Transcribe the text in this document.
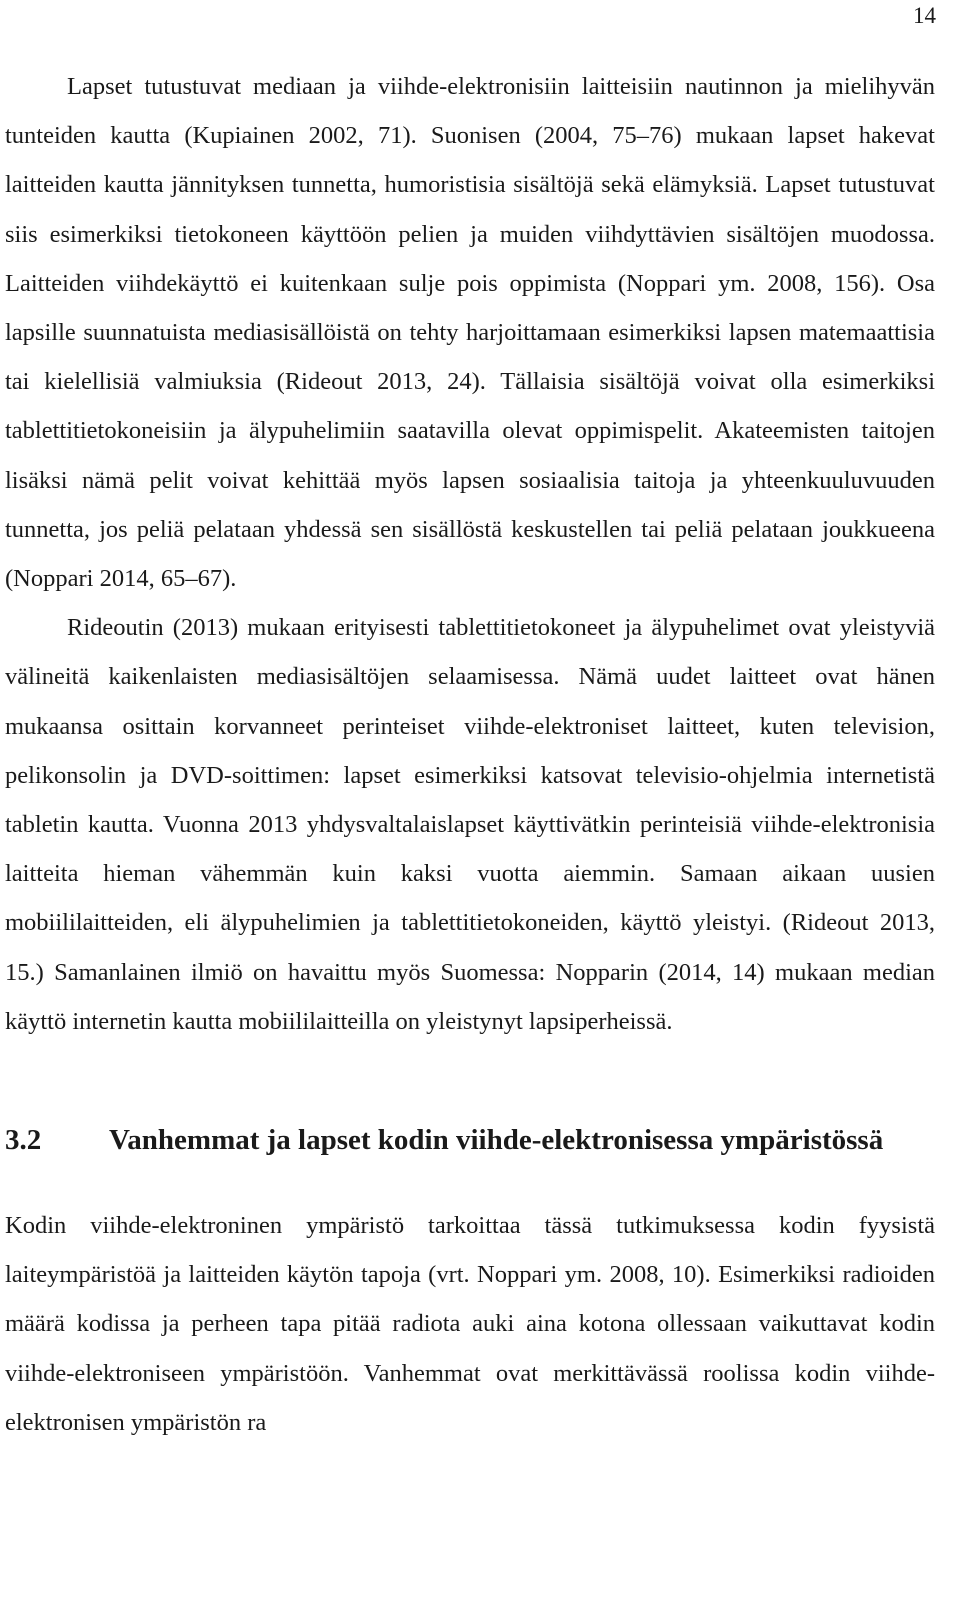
14

Lapset tutustuvat mediaan ja viihde-elektronisiin laitteisiin nautinnon ja mielihyvän tunteiden kautta (Kupiainen 2002, 71). Suonisen (2004, 75–76) mukaan lapset hakevat laitteiden kautta jännityksen tunnetta, humoristisia sisältöjä sekä elämyksiä. Lapset tutustuvat siis esimerkiksi tietokoneen käyttöön pelien ja muiden viihdyttävien sisältöjen muodossa. Laitteiden viihdekäyttö ei kuitenkaan sulje pois oppimista (Noppari ym. 2008, 156). Osa lapsille suunnatuista mediasisällöistä on tehty harjoittamaan esimerkiksi lapsen matemaattisia tai kielellisiä valmiuksia (Rideout 2013, 24). Tällaisia sisältöjä voivat olla esimerkiksi tablettitietokoneisiin ja älypuhelimiin saatavilla olevat oppimispelit. Akateemisten taitojen lisäksi nämä pelit voivat kehittää myös lapsen sosiaalisia taitoja ja yhteenkuuluvuuden tunnetta, jos peliä pelataan yhdessä sen sisällöstä keskustellen tai peliä pelataan joukkueena (Noppari 2014, 65–67).

Rideoutin (2013) mukaan erityisesti tablettitietokoneet ja älypuhelimet ovat yleistyviä välineitä kaikenlaisten mediasisältöjen selaamisessa. Nämä uudet laitteet ovat hänen mukaansa osittain korvanneet perinteiset viihde-elektroniset laitteet, kuten television, pelikonsolin ja DVD-soittimen: lapset esimerkiksi katsovat televisio-ohjelmia internetistä tabletin kautta. Vuonna 2013 yhdysvaltalaislapset käyttivätkin perinteisiä viihde-elektronisia laitteita hieman vähemmän kuin kaksi vuotta aiemmin. Samaan aikaan uusien mobiililaitteiden, eli älypuhelimien ja tablettitietokoneiden, käyttö yleistyi. (Rideout 2013, 15.) Samanlainen ilmiö on havaittu myös Suomessa: Nopparin (2014, 14) mukaan median käyttö internetin kautta mobiililaitteilla on yleistynyt lapsiperheissä.

3.2	Vanhemmat ja lapset kodin viihde-elektronisessa ympäristössä

Kodin viihde-elektroninen ympäristö tarkoittaa tässä tutkimuksessa kodin fyysistä laiteympäristöä ja laitteiden käytön tapoja (vrt. Noppari ym. 2008, 10). Esimerkiksi radioiden määrä kodissa ja perheen tapa pitää radiota auki aina kotona ollessaan vaikuttavat kodin viihde-elektroniseen ympäristöön. Vanhemmat ovat merkittävässä roolissa kodin viihde-elektronisen ympäristön ra
